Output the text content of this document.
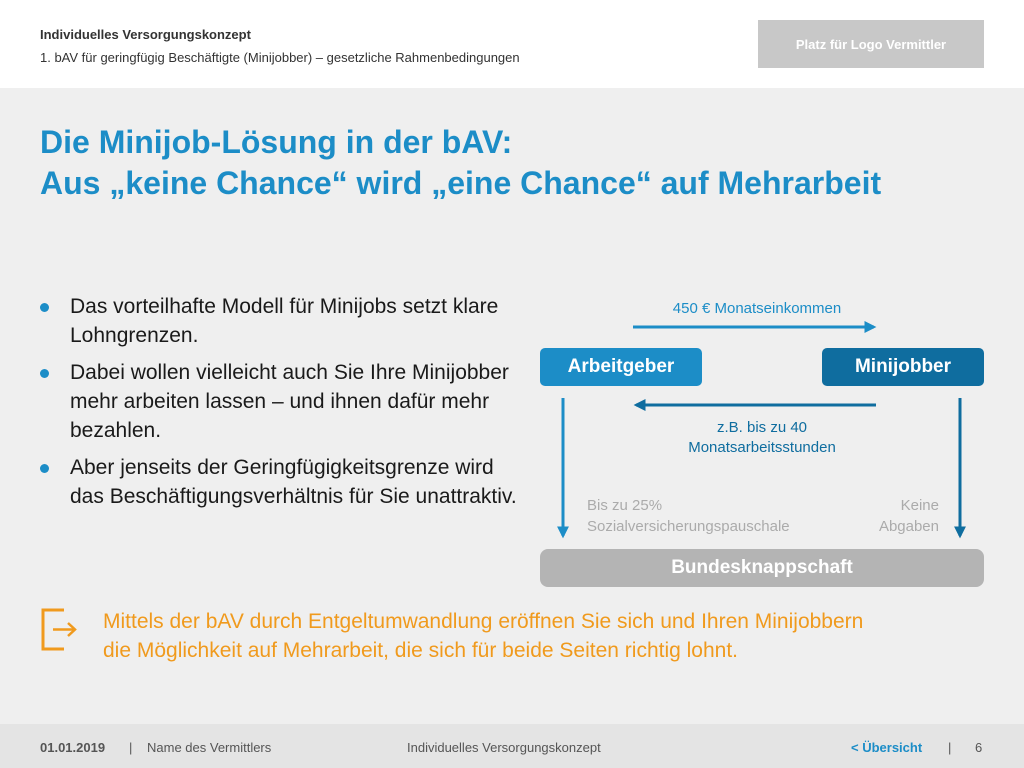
Individuelles Versorgungskonzept
1. bAV für geringfügig Beschäftigte (Minijobber) – gesetzliche Rahmenbedingungen
Platz für Logo Vermittler
Die Minijob-Lösung in der bAV:
Aus „keine Chance“ wird „eine Chance“ auf Mehrarbeit
Das vorteilhafte Modell für Minijobs setzt klare Lohngrenzen.
Dabei wollen vielleicht auch Sie Ihre Minijobber mehr arbeiten lassen – und ihnen dafür mehr bezahlen.
Aber jenseits der Geringfügigkeitsgrenze wird das Beschäftigungsverhältnis für Sie unattraktiv.
450 € Monatseinkommen
Arbeitgeber	Minijobber
z.B. bis zu 40
Monatsarbeitsstunden
Bis zu 25%
Sozialversicherungspauschale
Keine
Abgaben
Bundesknappschaft
Mittels der bAV durch Entgeltumwandlung eröffnen Sie sich und Ihren Minijobbern
die Möglichkeit auf Mehrarbeit, die sich für beide Seiten richtig lohnt.
01.01.2019 | Name des Vermittlers	Individuelles Versorgungskonzept	< Übersicht | 6
